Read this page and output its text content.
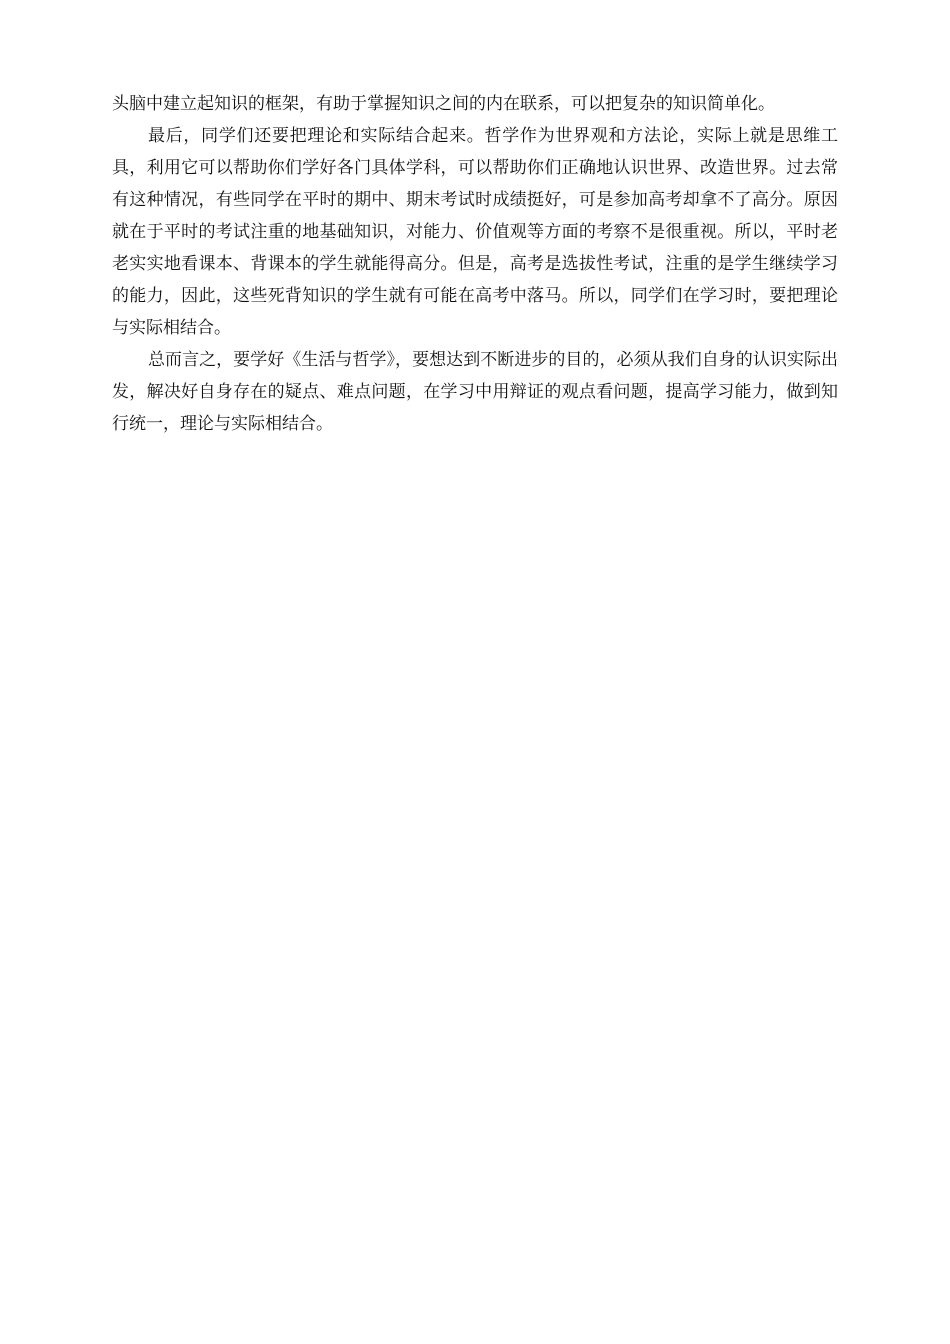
头脑中建立起知识的框架，有助于掌握知识之间的内在联系，可以把复杂的知识简单化。

最后，同学们还要把理论和实际结合起来。哲学作为世界观和方法论，实际上就是思维工具，利用它可以帮助你们学好各门具体学科，可以帮助你们正确地认识世界、改造世界。过去常有这种情况，有些同学在平时的期中、期末考试时成绩挺好，可是参加高考却拿不了高分。原因就在于平时的考试注重的地基础知识，对能力、价值观等方面的考察不是很重视。所以，平时老老实实地看课本、背课本的学生就能得高分。但是，高考是选拔性考试，注重的是学生继续学习的能力，因此，这些死背知识的学生就有可能在高考中落马。所以，同学们在学习时，要把理论与实际相结合。

总而言之，要学好《生活与哲学》，要想达到不断进步的目的，必须从我们自身的认识实际出发，解决好自身存在的疑点、难点问题，在学习中用辩证的观点看问题，提高学习能力，做到知行统一，理论与实际相结合。
